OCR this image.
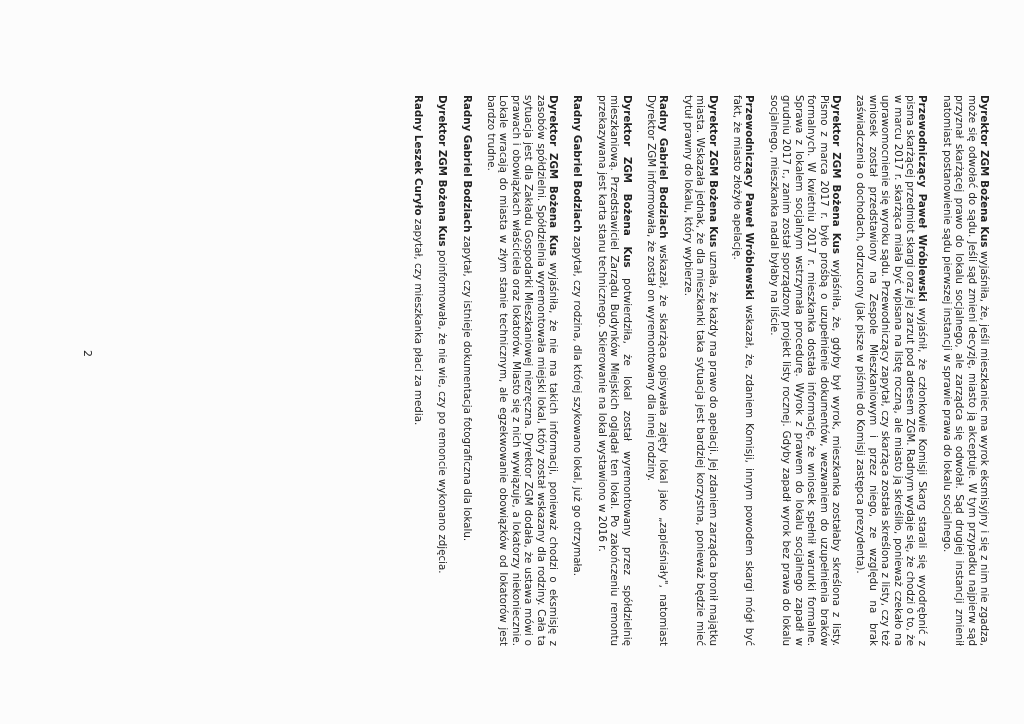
Dyrektor ZGM Bożena Kus wyjaśniła, że, jeśli mieszkaniec ma wyrok eksmisyjny i się z nim nie zgadza, może się odwołać do sądu. Jeśli sąd zmieni decyzję, miasto ją akceptuje. W tym przypadku najpierw sąd przyznał skarżącej prawo do lokalu socjalnego, ale zarządca się odwołał. Sąd drugiej instancji zmienił natomiast postanowienie sądu pierwszej instancji w sprawie prawa do lokalu socjalnego.

Przewodniczący Paweł Wróblewski wyjaśnił, że członkowie Komisji Skarg starali się wyodrębnić z pisma skarżącej przedmiot skargi oraz jej zarzut pod adresem ZGM. Radnym wydaje się, że chodzi o to, że w marcu 2017 r. skarżąca miała być wpisana na listę roczną, ale miasto ją skreśliło, ponieważ czekało na uprawomocnienie się wyroku sądu. Przewodniczący zapytał, czy skarżąca została skreślona z listy, czy też wniosek został przedstawiony na Zespole Mieszkaniowym i przez niego, ze względu na brak zaświadczenia o dochodach, odrzucony (jak pisze w piśmie do Komisji zastępca prezydenta).

Dyrektor ZGM Bożena Kus wyjaśniła, że, gdyby był wyrok, mieszkanka zostałaby skreślona z listy. Pismo z marca 2017 r. było prośbą o uzupełnienie dokumentów, wezwaniem do uzupełnienia braków formalnych. W kwietniu 2017 r. mieszkanka dostała informację, że wniosek spełnił warunki formalne. Sprawa z lokalem socjalnym wstrzymała procedurę. Wyrok z prawem do lokalu socjalnego zapadł w grudniu 2017 r., zanim został sporządzony projekt listy rocznej. Gdyby zapadł wyrok bez prawa do lokalu socjalnego, mieszkanka nadal byłaby na liście.

Przewodniczący Paweł Wróblewski wskazał, że, zdaniem Komisji, innym powodem skargi mógł być fakt, że miasto złożyło apelację.

Dyrektor ZGM Bożena Kus uznała, że każdy ma prawo do apelacji. Jej zdaniem zarządca bronił majątku miasta. Wskazała jednak, że dla mieszkanki taka sytuacja jest bardziej korzystna, ponieważ będzie mieć tytuł prawny do lokalu, który wybierze.

Radny Gabriel Bodziach wskazał, że skarżąca opisywała zajęty lokal jako „zapleśniały", natomiast Dyrektor ZGM informowała, że został on wyremontowany dla innej rodziny.

Dyrektor ZGM Bożena Kus potwierdziła, że lokal został wyremontowany przez spółdzielnię mieszkaniową. Przedstawiciel Zarządu Budynków Miejskich oglądał ten lokal. Po zakończeniu remontu przekazywana jest karta stanu technicznego. Skierowanie na lokal wystawiono w 2016 r.

Radny Gabriel Bodziach zapytał, czy rodzina, dla której szykowano lokal, już go otrzymała.

Dyrektor ZGM Bożena Kus wyjaśniła, że nie ma takich informacji, ponieważ chodzi o eksmisję z zasobów spółdzielni. Spółdzielnia wyremontowała miejski lokal, który został wskazany dla rodziny. Cała ta sytuacja jest dla Zakładu Gospodarki Mieszkaniowej niezręczna. Dyrektor ZGM dodała, że ustawa mówi o prawach i obowiązkach właściciela oraz lokatorów. Miasto się z nich wywiązuje, a lokatorzy niekoniecznie. Lokale wracają do miasta w złym stanie technicznym, ale egzekwowanie obowiązków od lokatorów jest bardzo trudne.

Radny Gabriel Bodziach zapytał, czy istnieje dokumentacja fotograficzna dla lokalu.

Dyrektor ZGM Bożena Kus poinformowała, że nie wie, czy po remoncie wykonano zdjęcia.

Radny Leszek Curyło zapytał, czy mieszkanka płaci za media.

2
